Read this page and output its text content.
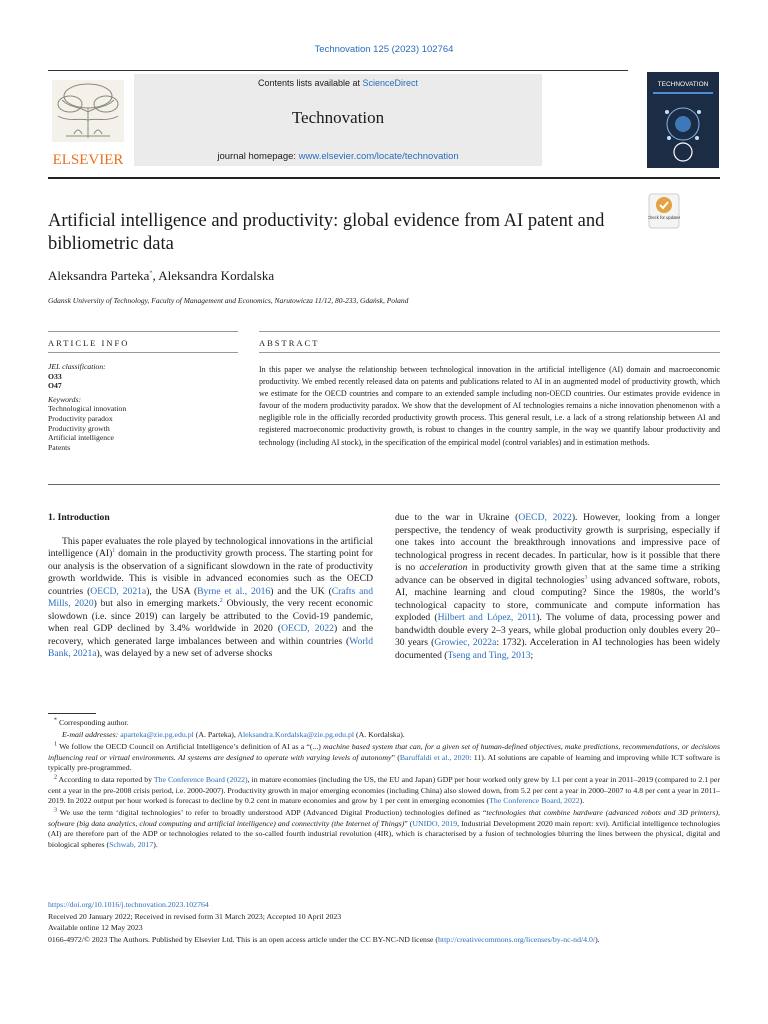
Technovation 125 (2023) 102764
ELSEVIER
Contents lists available at ScienceDirect
Technovation
journal homepage: www.elsevier.com/locate/technovation
TECHNOVATION
Artificial intelligence and productivity: global evidence from AI patent and bibliometric data
Check for updates
Aleksandra Parteka*, Aleksandra Kordalska
Gdansk University of Technology, Faculty of Management and Economics, Narutowicza 11/12, 80-233, Gdańsk, Poland
ARTICLE INFO	ABSTRACT
JEL classification:
O33
O47
Keywords:
Technological innovation
Productivity paradox
Productivity growth
Artificial intelligence
Patents
In this paper we analyse the relationship between technological innovation in the artificial intelligence (AI) domain and macroeconomic productivity. We embed recently released data on patents and publications related to AI in an augmented model of productivity growth, which we estimate for the OECD countries and compare to an extended sample including non-OECD countries. Our estimates provide evidence in favour of the modern productivity paradox. We show that the development of AI technologies remains a niche innovation phenomenon with a negligible role in the officially recorded productivity growth process. This general result, i.e. a lack of a strong relationship between AI and registered macroeconomic productivity growth, is robust to changes in the country sample, in the way we quantify labour productivity and technology (including AI stock), in the specification of the empirical model (control variables) and in estimation methods.

1. Introduction

This paper evaluates the role played by technological innovations in the artificial intelligence (AI)$^1$ domain in the productivity growth process. The starting point for our analysis is the observation of a significant slowdown in the rate of productivity growth worldwide. This is visible in advanced economies such as the OECD countries (OECD, 2021a), the USA (Byrne et al., 2016) and the UK (Crafts and Mills, 2020) but also in emerging markets.$^2$ Obviously, the very recent economic slowdown (i.e. since 2019) can largely be attributed to the Covid-19 pandemic, when real GDP declined by 3.4% worldwide in 2020 (OECD, 2022) and the recovery, which generated large imbalances between and within countries (World Bank, 2021a), was delayed by a new set of adverse shocks

due to the war in Ukraine (OECD, 2022). However, looking from a longer perspective, the tendency of weak productivity growth is surprising, especially if one takes into account the breakthrough innovations and impressive pace of technological progress in recent decades. In particular, how is it possible that there is no acceleration in productivity growth given that at the same time a striking advance can be observed in digital technologies$^3$ using advanced software, robots, AI, machine learning and cloud computing? Since the 1980s, the world’s technological capacity to store, communicate and compute information has exploded (Hilbert and López, 2011). The volume of data, processing power and bandwidth double every 2–3 years, while global production only doubles every 20–30 years (Growiec, 2022a: 1732). Acceleration in AI technologies has been widely documented (Tseng and Ting, 2013;

* Corresponding author.

E-mail addresses: aparteka@zie.pg.edu.pl (A. Parteka), Aleksandra.Kordalska@zie.pg.edu.pl (A. Kordalska).

$^1$ We follow the OECD Council on Artificial Intelligence’s definition of AI as a “(...) machine based system that can, for a given set of human-defined objectives, make predictions, recommendations, or decisions influencing real or virtual environments. AI systems are designed to operate with varying levels of autonomy” (Baruffaldi et al., 2020: 11). AI solutions are capable of learning and improving while ICT software is typically pre-programmed.

$^2$ According to data reported by The Conference Board (2022), in mature economies (including the US, the EU and Japan) GDP per hour worked only grew by 1.1 per cent a year in 2011–2019 (compared to 2.1 per cent a year in the pre-2008 crisis period, i.e. 2000-2007). Productivity growth in major emerging economies (including China) also slowed down, from 5.2 per cent a year in 2000–2007 to 4.8 per cent a year in 2011–2019. In 2022 output per hour worked is forecast to decline by 0.2 cent in mature economies and grow by 1 per cent in emerging economies (The Conference Board, 2022).

$^3$ We use the term ‘digital technologies’ to refer to broadly understood ADP (Advanced Digital Production) technologies defined as “technologies that combine hardware (advanced robots and 3D printers), software (big data analytics, cloud computing and artificial intelligence) and connectivity (the Internet of Things)” (UNIDO, 2019, Industrial Development 2020 main report: xvi). Artificial intelligence technologies (AI) are therefore part of the ADP or technologies related to the so-called fourth industrial revolution (4IR), which is characterised by a fusion of technologies blurring the lines between the physical, digital and biological spheres (Schwab, 2017).

https://doi.org/10.1016/j.technovation.2023.102764

Received 20 January 2022; Received in revised form 31 March 2023; Accepted 10 April 2023

Available online 12 May 2023

0166-4972/© 2023 The Authors. Published by Elsevier Ltd. This is an open access article under the CC BY-NC-ND license (http://creativecommons.org/licenses/by-nc-nd/4.0/).
